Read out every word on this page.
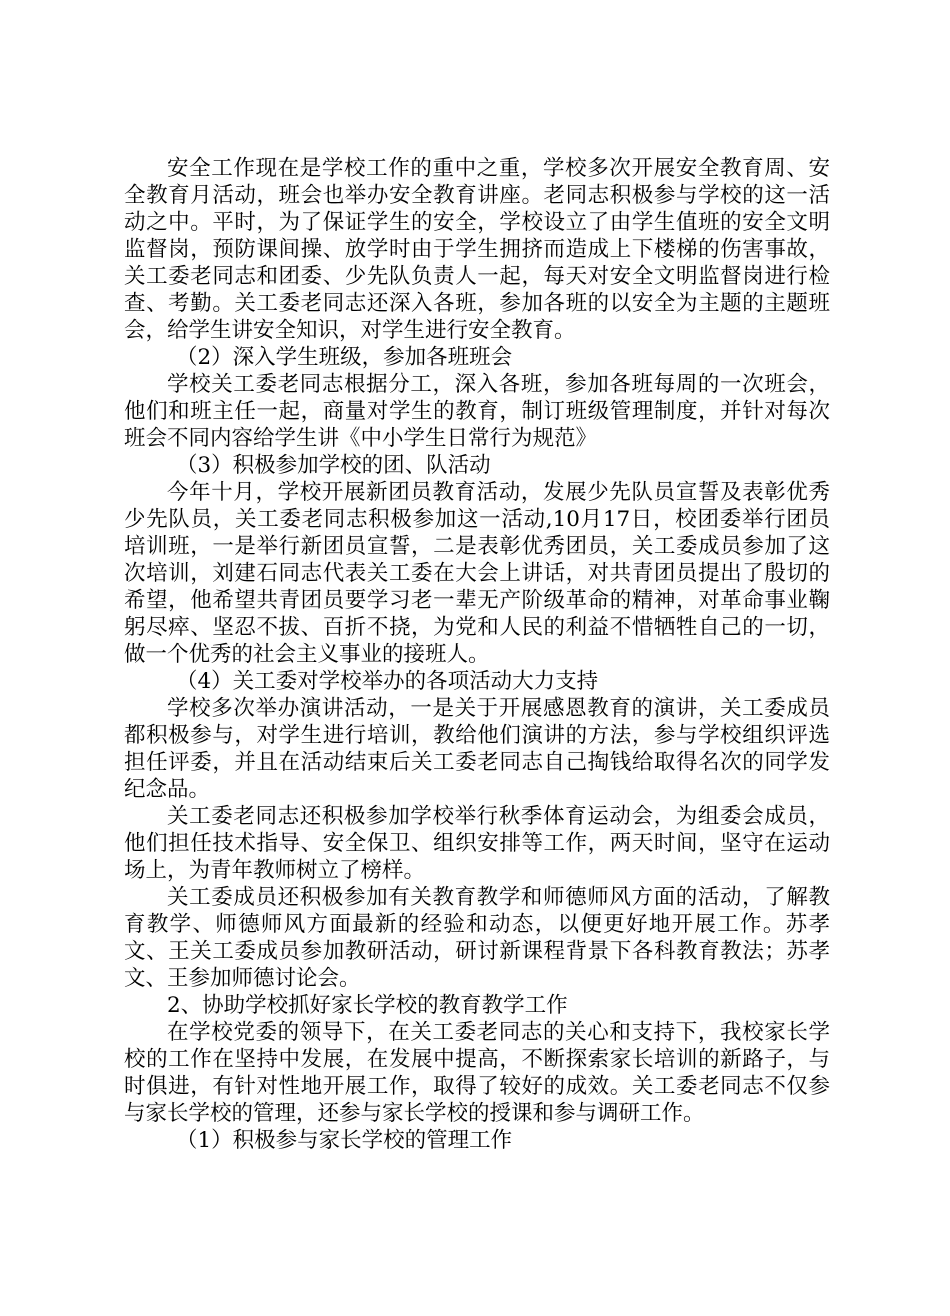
安全工作现在是学校工作的重中之重，学校多次开展安全教育周、安全教育月活动，班会也举办安全教育讲座。老同志积极参与学校的这一活动之中。平时，为了保证学生的安全，学校设立了由学生值班的安全文明监督岗，预防课间操、放学时由于学生拥挤而造成上下楼梯的伤害事故，关工委老同志和团委、少先队负责人一起，每天对安全文明监督岗进行检查、考勤。关工委老同志还深入各班，参加各班的以安全为主题的主题班会，给学生讲安全知识，对学生进行安全教育。

（2）深入学生班级，参加各班班会

学校关工委老同志根据分工，深入各班，参加各班每周的一次班会，他们和班主任一起，商量对学生的教育，制订班级管理制度，并针对每次班会不同内容给学生讲《中小学生日常行为规范》

（3）积极参加学校的团、队活动

今年十月，学校开展新团员教育活动，发展少先队员宣誓及表彰优秀少先队员，关工委老同志积极参加这一活动,10月17日，校团委举行团员培训班，一是举行新团员宣誓，二是表彰优秀团员，关工委成员参加了这次培训，刘建石同志代表关工委在大会上讲话，对共青团员提出了殷切的希望，他希望共青团员要学习老一辈无产阶级革命的精神，对革命事业鞠躬尽瘁、坚忍不拔、百折不挠，为党和人民的利益不惜牺牲自己的一切，做一个优秀的社会主义事业的接班人。

（4）关工委对学校举办的各项活动大力支持

学校多次举办演讲活动，一是关于开展感恩教育的演讲，关工委成员都积极参与，对学生进行培训，教给他们演讲的方法，参与学校组织评选担任评委，并且在活动结束后关工委老同志自己掏钱给取得名次的同学发纪念品。

关工委老同志还积极参加学校举行秋季体育运动会，为组委会成员，他们担任技术指导、安全保卫、组织安排等工作，两天时间，坚守在运动场上，为青年教师树立了榜样。

关工委成员还积极参加有关教育教学和师德师风方面的活动，了解教育教学、师德师风方面最新的经验和动态，以便更好地开展工作。苏孝文、王关工委成员参加教研活动，研讨新课程背景下各科教育教法；苏孝文、王参加师德讨论会。

2、协助学校抓好家长学校的教育教学工作

在学校党委的领导下，在关工委老同志的关心和支持下，我校家长学校的工作在坚持中发展，在发展中提高，不断探索家长培训的新路子，与时俱进，有针对性地开展工作，取得了较好的成效。关工委老同志不仅参与家长学校的管理，还参与家长学校的授课和参与调研工作。

（1）积极参与家长学校的管理工作
